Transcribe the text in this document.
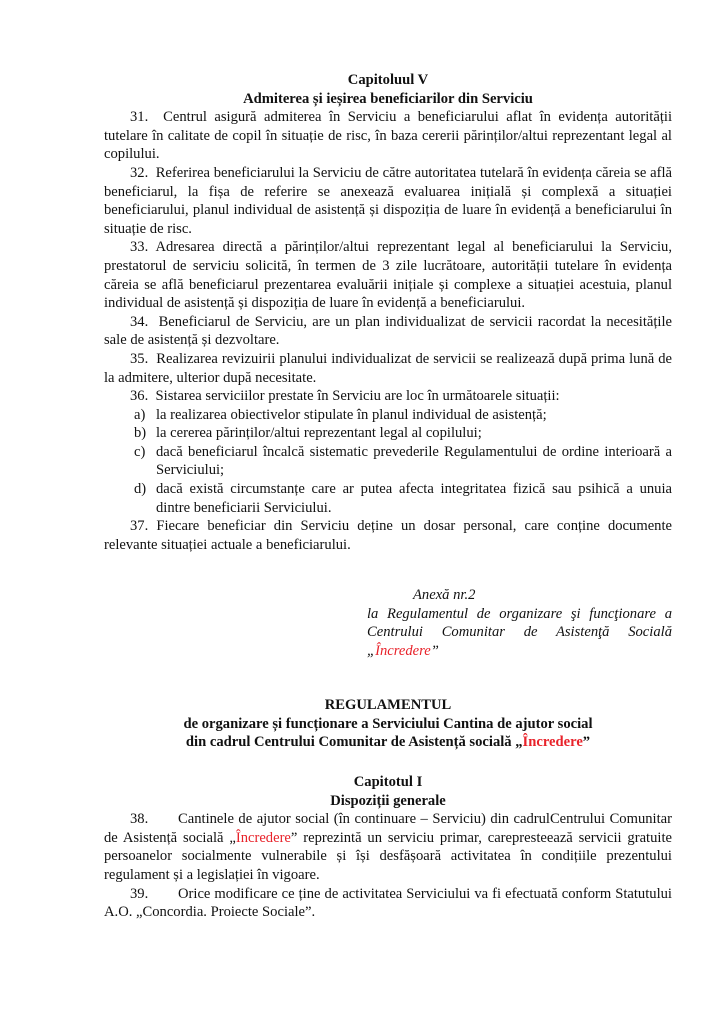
Capitoluul V
Admiterea și ieșirea beneficiarilor din Serviciu

31. Centrul asigură admiterea în Serviciu a beneficiarului aflat în evidența autorității tutelare în calitate de copil în situație de risc, în baza cererii părinților/altui reprezentant legal al copilului.

32. Referirea beneficiarului la Serviciu de către autoritatea tutelară în evidența căreia se află beneficiarul, la fișa de referire se anexează evaluarea inițială și complexă a situației beneficiarului, planul individual de asistență și dispoziția de luare în evidență a beneficiarului în situație de risc.

33. Adresarea directă a părinților/altui reprezentant legal al beneficiarului la Serviciu, prestatorul de serviciu solicită, în termen de 3 zile lucrătoare, autorității tutelare în evidența căreia se află beneficiarul prezentarea evaluării inițiale și complexe a situației acestuia, planul individual de asistență și dispoziția de luare în evidență a beneficiarului.

34. Beneficiarul de Serviciu, are un plan individualizat de servicii racordat la necesitățile sale de asistență și dezvoltare.

35. Realizarea revizuirii planului individualizat de servicii se realizează după prima lună de la admitere, ulterior după necesitate.

36. Sistarea serviciilor prestate în Serviciu are loc în următoarele situații:

a) la realizarea obiectivelor stipulate în planul individual de asistență;
b) la cererea părinților/altui reprezentant legal al copilului;
c) dacă beneficiarul încalcă sistematic prevederile Regulamentului de ordine interioară a Serviciului;
d) dacă există circumstanțe care ar putea afecta integritatea fizică sau psihică a unuia dintre beneficiarii Serviciului.

37. Fiecare beneficiar din Serviciu deține un dosar personal, care conține documente relevante situației actuale a beneficiarului.

Anexă nr.2
la Regulamentul de organizare şi funcţionare a
Centrului Comunitar de Asistenţă Socială
„Încredere”
REGULAMENTUL
de organizare și funcționare a Serviciului Cantina de ajutor social
din cadrul Centrului Comunitar de Asistență socială „Încredere”
Capitotul I
Dispoziții generale

38. Cantinele de ajutor social (în continuare – Serviciu) din cadrulCentrului Comunitar de Asistență socială „Încredere” reprezintă un serviciu primar, carepresteează servicii gratuite persoanelor socialmente vulnerabile și își desfășoară activitatea în condițiile prezentului regulament și a legislației în vigoare.

39. Orice modificare ce ține de activitatea Serviciului va fi efectuată conform Statutului A.O. „Concordia. Proiecte Sociale”.
